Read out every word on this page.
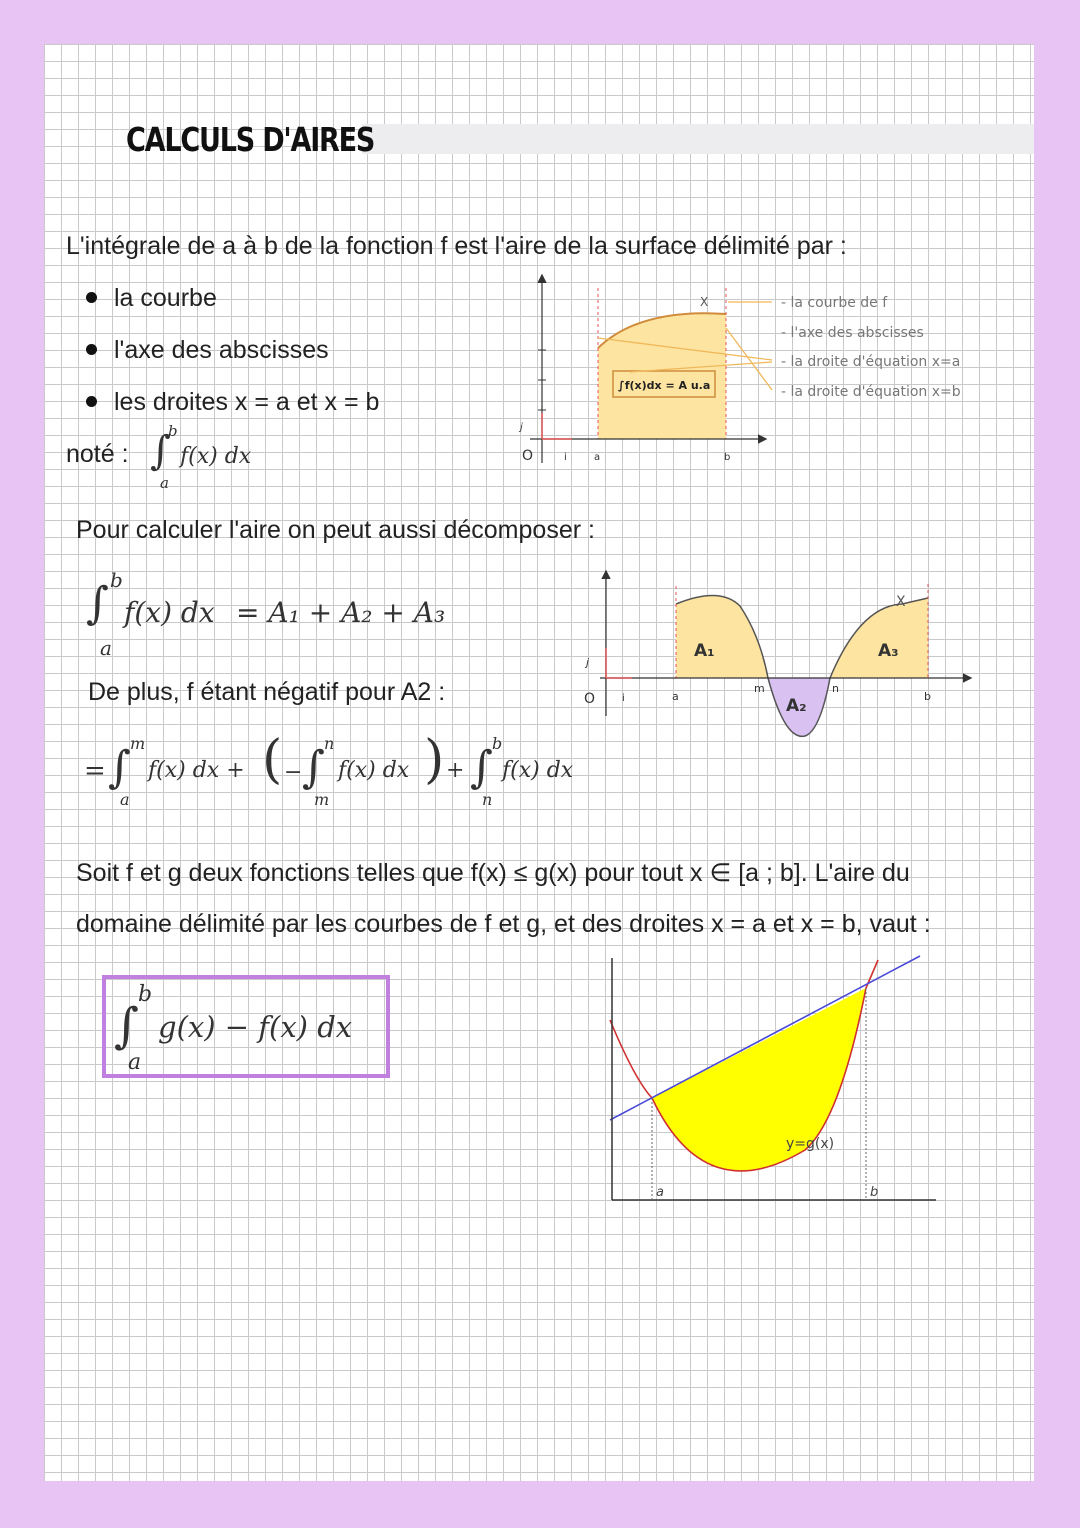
CALCULS D'AIRES
L'intégrale de a à b de la fonction f est l'aire de la surface délimité par :
la courbe
l'axe des abscisses
les droites x = a et x = b
noté : ∫
b
a
f(x) dx
∫f(x)dx = A u.a
O	i
j
a	b
X	- la courbe de f
- l'axe des abscisses
- la droite d'équation x=a
- la droite d'équation x=b
Pour calculer l'aire on peut aussi décomposer :
∫ b
a
f(x) dx = A₁ + A₂ + A₃
De plus, f étant négatif pour A2 :
= ∫ m
a
f(x) dx + ( − ∫ n
m
f(x) dx ) + ∫ b
n
f(x) dx
O	i
j
a
m	n
b
X
A₁
A₂
A₃
Soit f et g deux fonctions telles que f(x) ≤ g(x) pour tout x ∈ [a ; b]. L'aire du
domaine délimité par les courbes de f et g, et des droites x = a et x = b, vaut :
∫
b
a
g(x) − f(x) dx
a	b
y=g(x)
